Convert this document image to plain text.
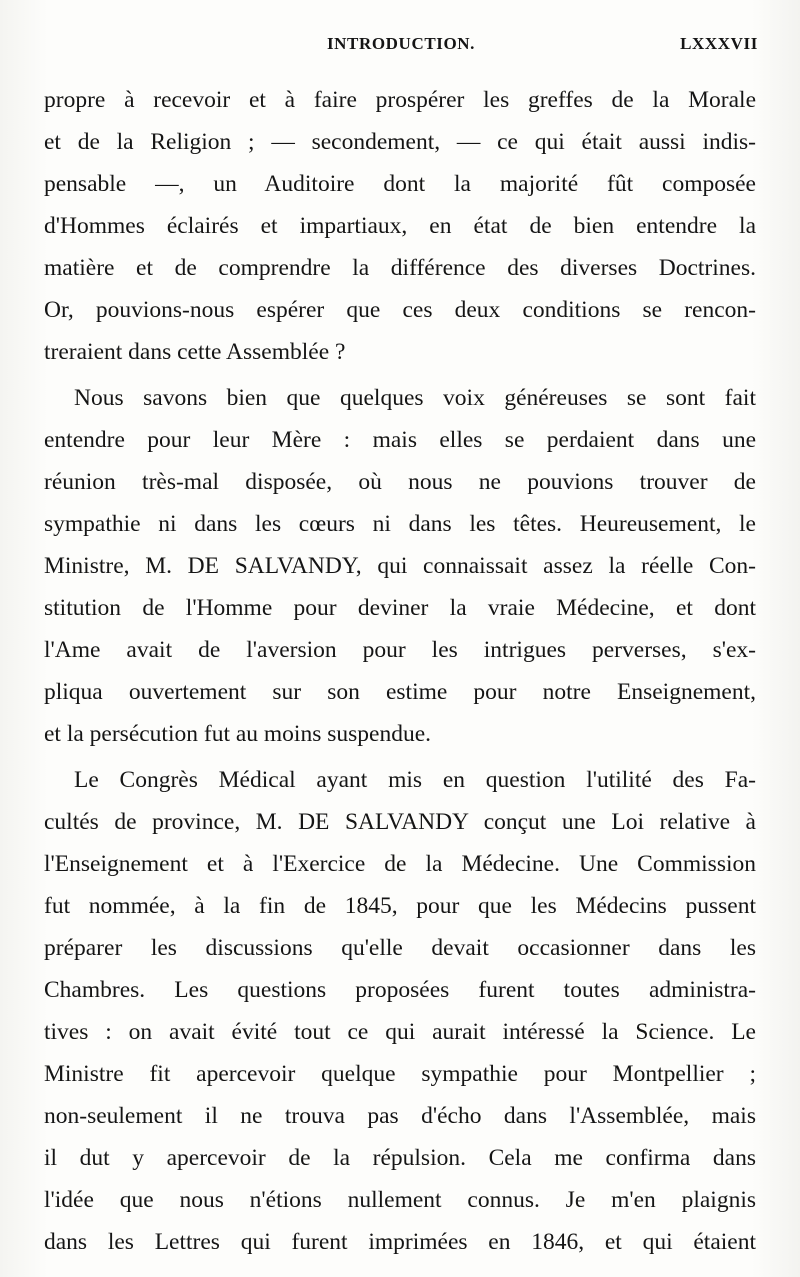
INTRODUCTION.	LXXXVII
propre à recevoir et à faire prospérer les greffes de la Morale
et de la Religion ; — secondement, — ce qui était aussi indis-
pensable —, un Auditoire dont la majorité fût composée
d'Hommes éclairés et impartiaux, en état de bien entendre la
matière et de comprendre la différence des diverses Doctrines.
Or, pouvions-nous espérer que ces deux conditions se rencon-
treraient dans cette Assemblée ?
Nous savons bien que quelques voix généreuses se sont fait
entendre pour leur Mère : mais elles se perdaient dans une
réunion très-mal disposée, où nous ne pouvions trouver de
sympathie ni dans les cœurs ni dans les têtes. Heureusement, le
Ministre, M. DE SALVANDY, qui connaissait assez la réelle Con-
stitution de l'Homme pour deviner la vraie Médecine, et dont
l'Ame avait de l'aversion pour les intrigues perverses, s'ex-
pliqua ouvertement sur son estime pour notre Enseignement,
et la persécution fut au moins suspendue.
Le Congrès Médical ayant mis en question l'utilité des Fa-
cultés de province, M. DE SALVANDY conçut une Loi relative à
l'Enseignement et à l'Exercice de la Médecine. Une Commission
fut nommée, à la fin de 1845, pour que les Médecins pussent
préparer les discussions qu'elle devait occasionner dans les
Chambres. Les questions proposées furent toutes administra-
tives : on avait évité tout ce qui aurait intéressé la Science. Le
Ministre fit apercevoir quelque sympathie pour Montpellier ;
non-seulement il ne trouva pas d'écho dans l'Assemblée, mais
il dut y apercevoir de la répulsion. Cela me confirma dans
l'idée que nous n'étions nullement connus. Je m'en plaignis
dans les Lettres qui furent imprimées en 1846, et qui étaient
